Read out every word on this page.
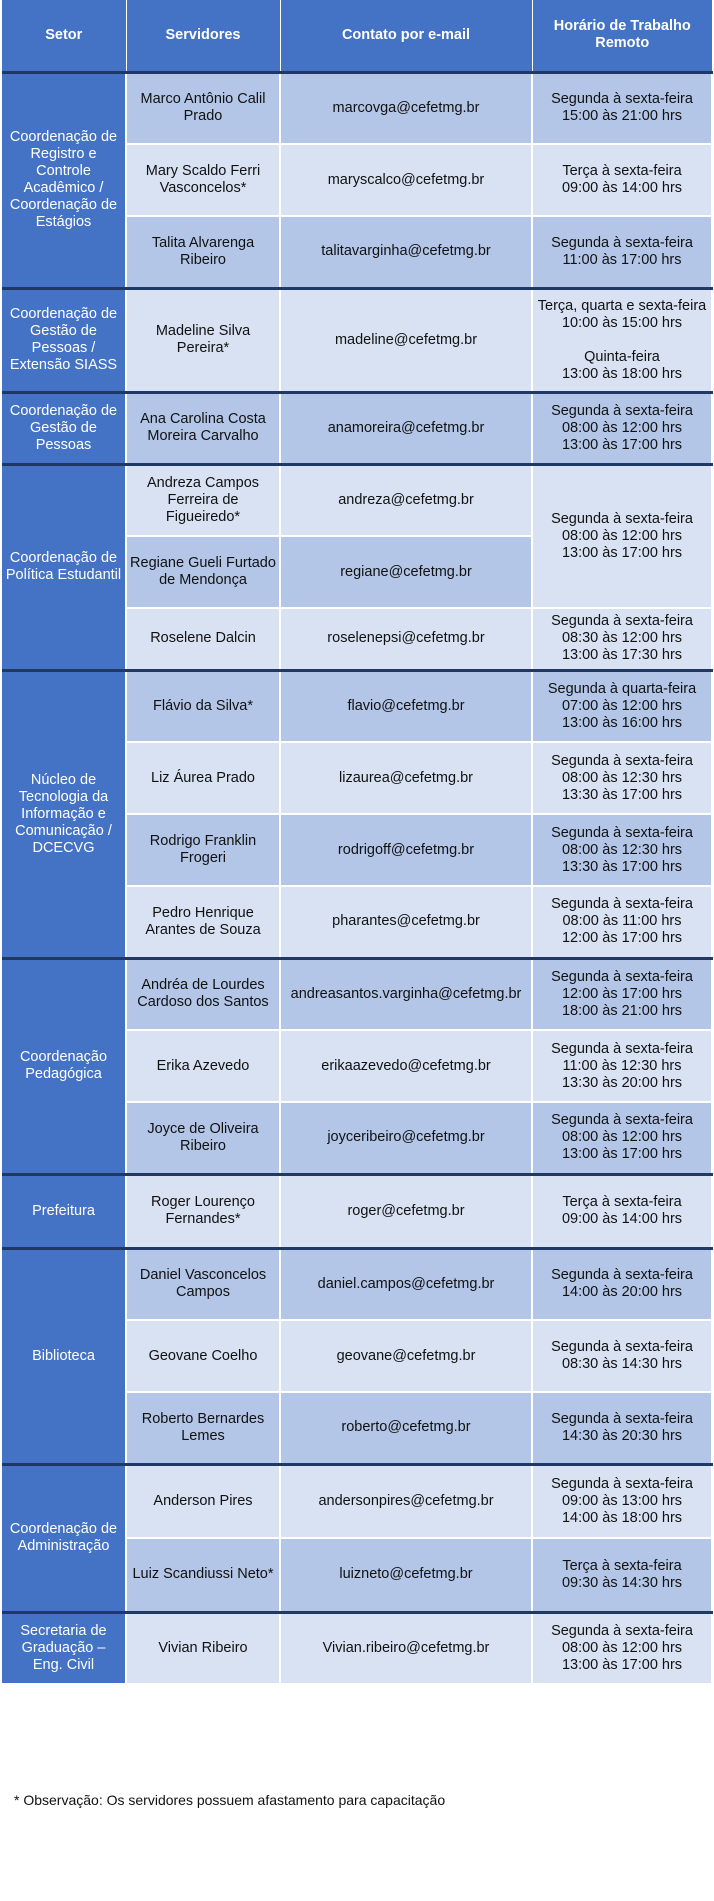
Setor	Servidores	Contato por e-mail	Horário de Trabalho Remoto
Coordenação de Registro e Controle Acadêmico / Coordenação de Estágios	Marco Antônio Calil Prado	marcovga@cefetmg.br	Segunda à sexta-feira
15:00 às 21:00 hrs

	Mary Scaldo Ferri Vasconcelos*	maryscalco@cefetmg.br	Terça à sexta-feira
09:00 às 14:00 hrs

	Talita Alvarenga Ribeiro	talitavarginha@cefetmg.br	Segunda à sexta-feira
11:00 às 17:00 hrs

Coordenação de Gestão de Pessoas / Extensão SIASS	Madeline Silva Pereira*	madeline@cefetmg.br	Terça, quarta e sexta-feira
10:00 às 15:00 hrs
Quinta-feira
13:00 às 18:00 hrs

Coordenação de Gestão de Pessoas	Ana Carolina Costa Moreira Carvalho	anamoreira@cefetmg.br	Segunda à sexta-feira
08:00 às 12:00 hrs
13:00 às 17:00 hrs

Coordenação de Política Estudantil	Andreza Campos Ferreira de Figueiredo*	andreza@cefetmg.br	Segunda à sexta-feira
08:00 às 12:00 hrs
13:00 às 17:00 hrs

	Regiane Gueli Furtado de Mendonça	regiane@cefetmg.br	
	Roselene Dalcin	roselenepsi@cefetmg.br	Segunda à sexta-feira
08:30 às 12:00 hrs
13:00 às 17:30 hrs

Núcleo de Tecnologia da Informação e Comunicação / DCECVG	Flávio da Silva*	flavio@cefetmg.br	Segunda à quarta-feira
07:00 às 12:00 hrs
13:00 às 16:00 hrs

	Liz Áurea Prado	lizaurea@cefetmg.br	Segunda à sexta-feira
08:00 às 12:30 hrs
13:30 às 17:00 hrs

	Rodrigo Franklin Frogeri	rodrigoff@cefetmg.br	Segunda à sexta-feira
08:00 às 12:30 hrs
13:30 às 17:00 hrs

	Pedro Henrique Arantes de Souza	pharantes@cefetmg.br	Segunda à sexta-feira
08:00 às 11:00 hrs
12:00 às 17:00 hrs

Coordenação Pedagógica	Andréa de Lourdes Cardoso dos Santos	andreasantos.varginha@cefetmg.br	Segunda à sexta-feira
12:00 às 17:00 hrs
18:00 às 21:00 hrs

	Erika Azevedo	erikaazevedo@cefetmg.br	Segunda à sexta-feira
11:00 às 12:30 hrs
13:30 às 20:00 hrs

	Joyce de Oliveira Ribeiro	joyceribeiro@cefetmg.br	Segunda à sexta-feira
08:00 às 12:00 hrs
13:00 às 17:00 hrs

Prefeitura	Roger Lourenço Fernandes*	roger@cefetmg.br	Terça à sexta-feira
09:00 às 14:00 hrs

Biblioteca	Daniel Vasconcelos Campos	daniel.campos@cefetmg.br	Segunda à sexta-feira
14:00 às 20:00 hrs

	Geovane Coelho	geovane@cefetmg.br	Segunda à sexta-feira
08:30 às 14:30 hrs

	Roberto Bernardes Lemes	roberto@cefetmg.br	Segunda à sexta-feira
14:30 às 20:30 hrs

Coordenação de Administração	Anderson Pires	andersonpires@cefetmg.br	Segunda à sexta-feira
09:00 às 13:00 hrs
14:00 às 18:00 hrs

	Luiz Scandiussi Neto*	luizneto@cefetmg.br	Terça à sexta-feira
09:30 às 14:30 hrs

Secretaria de Graduação – Eng. Civil	Vivian Ribeiro	Vivian.ribeiro@cefetmg.br	Segunda à sexta-feira
08:00 às 12:00 hrs
13:00 às 17:00 hrs
* Observação: Os servidores possuem afastamento para capacitação
